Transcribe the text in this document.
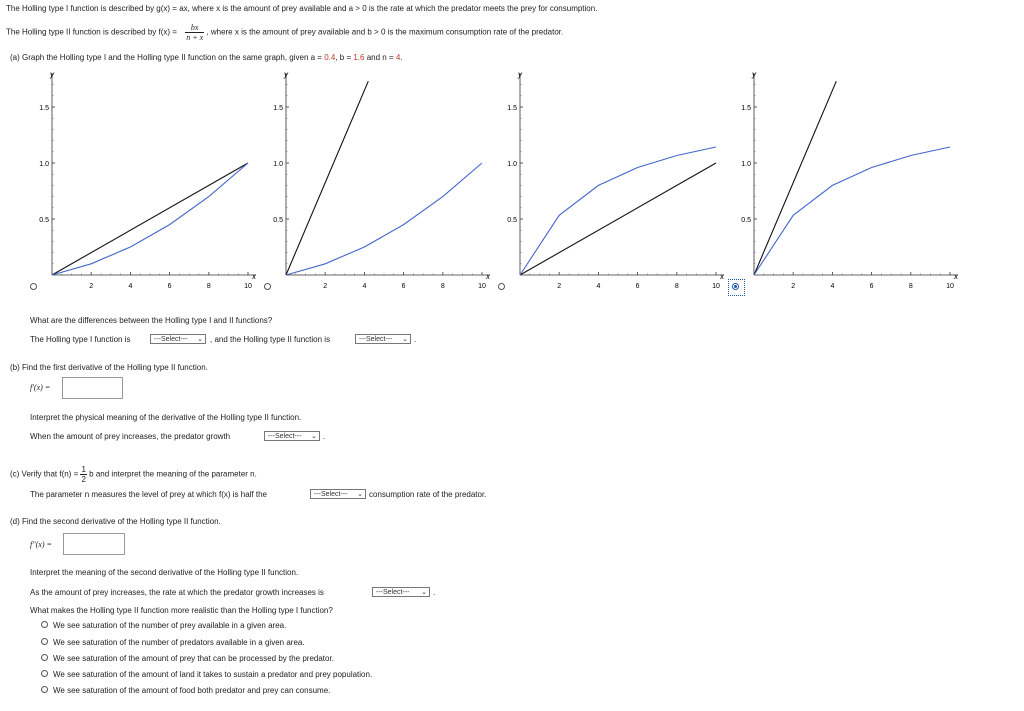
The Holling type I function is described by g(x) = ax, where x is the amount of prey available and a > 0 is the rate at which the predator meets the prey for consumption.
The Holling type II function is described by $f(x) = \frac{bx}{n + x}$ , where x is the amount of prey available and b > 0 is the maximum consumption rate of the predator.
(a) Graph the Holling type I and the Holling type II function on the same graph, given a = 0.4, b = 1.6 and n = 4.
y
x
0.5
1.0
1.5
2	4	6	8	10
y
x
0.5
1.0
1.5
2	4	6	8	10
y
x
0.5
1.0
1.5
2	4	6	8	10
y
x
0.5
1.0
1.5
2	4	6	8	10
What are the differences between the Holling type I and II functions?
The Holling type I function is	---Select--- ⌄ , and the Holling type II function is	---Select--- ⌄ .
(b) Find the first derivative of the Holling type II function.
f'(x) =
Interpret the physical meaning of the derivative of the Holling type II function.
When the amount of prey increases, the predator growth	---Select--- ⌄ .
(c) Verify that $f(n) = \frac{1}{2}$ b and interpret the meaning of the parameter n.
The parameter n measures the level of prey at which f(x) is half the	---Select--- ⌄ consumption rate of the predator.
(d) Find the second derivative of the Holling type II function.
f''(x) =
Interpret the meaning of the second derivative of the Holling type II function.
As the amount of prey increases, the rate at which the predator growth increases is	---Select--- ⌄ .
What makes the Holling type II function more realistic than the Holling type I function?
We see saturation of the number of prey available in a given area.
We see saturation of the number of predators available in a given area.
We see saturation of the amount of prey that can be processed by the predator.
We see saturation of the amount of land it takes to sustain a predator and prey population.
We see saturation of the amount of food both predator and prey can consume.
